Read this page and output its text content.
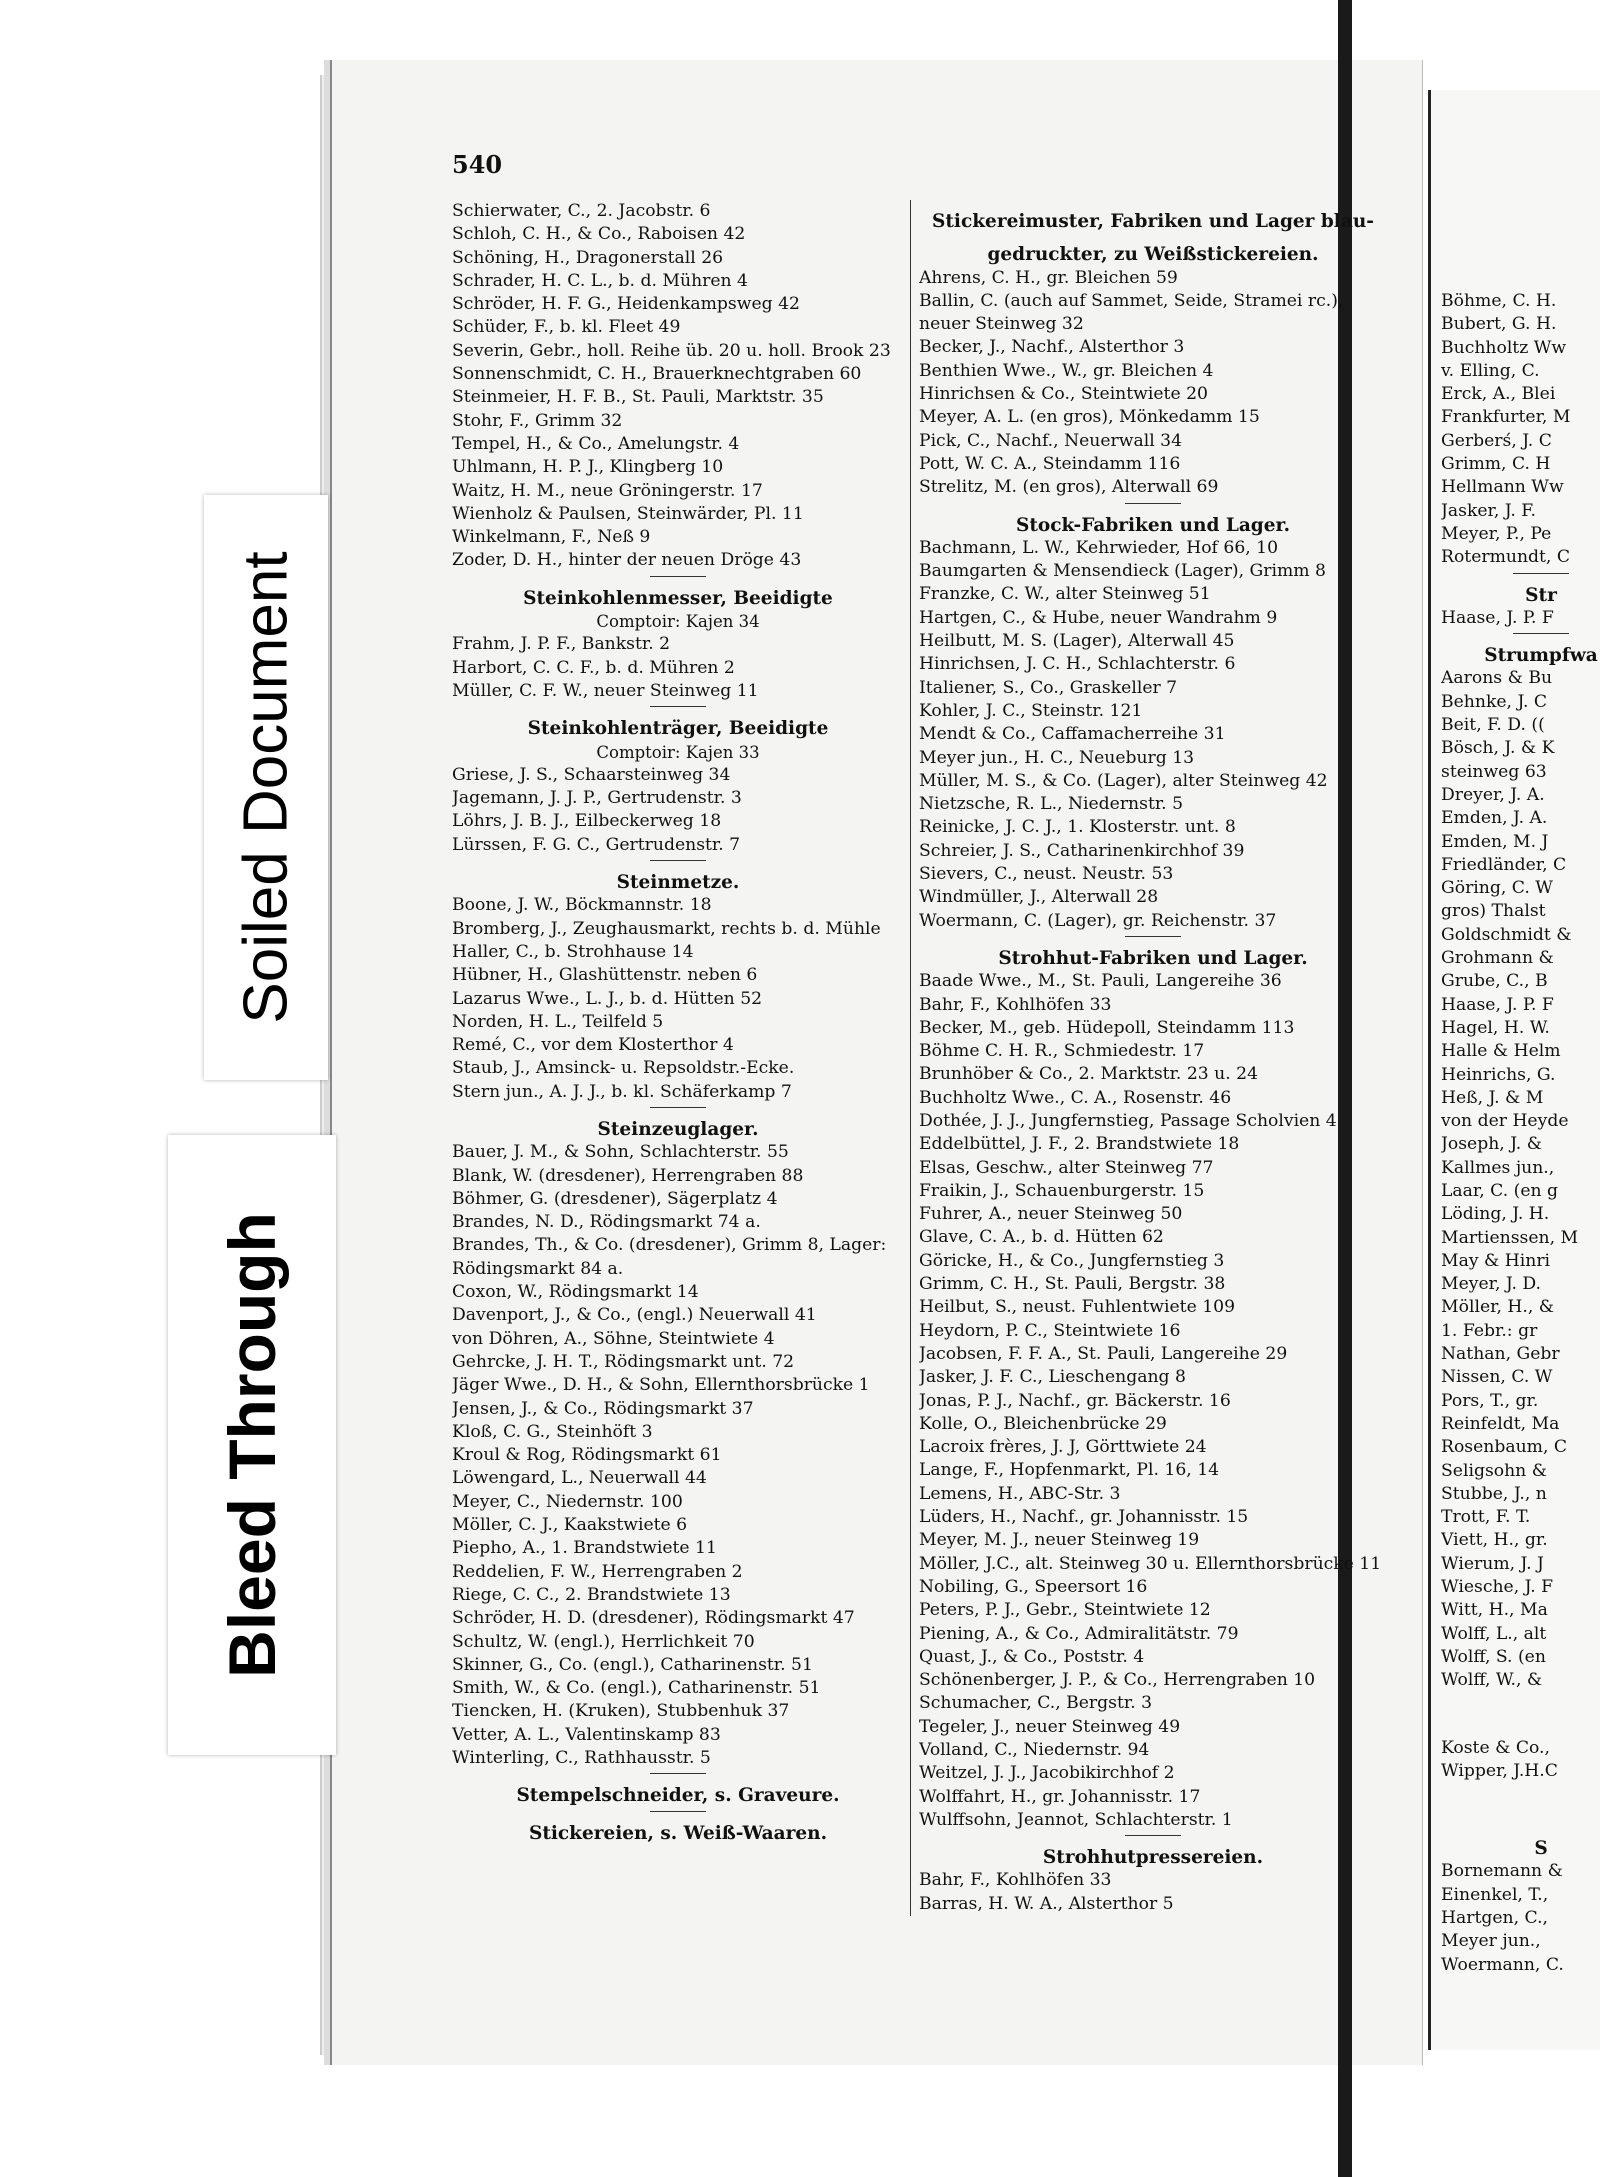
Böhme, C. H.
Bubert, G. H.
Buchholtz Ww
v. Elling, C.
Erck, A., Blei
Frankfurter, M
Gerberś, J. C
Grimm, C. H
Hellmann Ww
Jasker, J. F.
Meyer, P., Pe
Rotermundt, C
Str
Haase, J. P. F
Strumpfwa
Aarons & Bu
Behnke, J. C
Beit, F. D. ((
Bösch, J. & K
steinweg 63
Dreyer, J. A.
Emden, J. A.
Emden, M. J
Friedländer, C
Göring, C. W
gros) Thalst
Goldschmidt &
Grohmann &
Grube, C., B
Haase, J. P. F
Hagel, H. W.
Halle & Helm
Heinrichs, G.
Heß, J. & M
von der Heyde
Joseph, J. &
Kallmes jun.,
Laar, C. (en g
Löding, J. H.
Martienssen, M
May & Hinri
Meyer, J. D.
Möller, H., &
1. Febr.: gr
Nathan, Gebr
Nissen, C. W
Pors, T., gr.
Reinfeldt, Ma
Rosenbaum, C
Seligsohn &
Stubbe, J., n
Trott, F. T.
Viett, H., gr.
Wierum, J. J
Wiesche, J. F
Witt, H., Ma
Wolff, L., alt
Wolff, S. (en
Wolff, W., &
Koste & Co.,
Wipper, J.H.C
S
Bornemann &
Einenkel, T.,
Hartgen, C.,
Meyer jun.,
Woermann, C.
540
Schierwater, C., 2. Jacobstr. 6
Schloh, C. H., & Co., Raboisen 42
Schöning, H., Dragonerstall 26
Schrader, H. C. L., b. d. Mühren 4
Schröder, H. F. G., Heidenkampsweg 42
Schüder, F., b. kl. Fleet 49
Severin, Gebr., holl. Reihe üb. 20 u. holl. Brook 23
Sonnenschmidt, C. H., Brauerknechtgraben 60
Steinmeier, H. F. B., St. Pauli, Marktstr. 35
Stohr, F., Grimm 32
Tempel, H., & Co., Amelungstr. 4
Uhlmann, H. P. J., Klingberg 10
Waitz, H. M., neue Gröningerstr. 17
Wienholz & Paulsen, Steinwärder, Pl. 11
Winkelmann, F., Neß 9
Zoder, D. H., hinter der neuen Dröge 43
Steinkohlenmesser, Beeidigte
Comptoir: Kajen 34
Frahm, J. P. F., Bankstr. 2
Harbort, C. C. F., b. d. Mühren 2
Müller, C. F. W., neuer Steinweg 11
Steinkohlenträger, Beeidigte
Comptoir: Kajen 33
Griese, J. S., Schaarsteinweg 34
Jagemann, J. J. P., Gertrudenstr. 3
Löhrs, J. B. J., Eilbeckerweg 18
Lürssen, F. G. C., Gertrudenstr. 7
Steinmetze.
Boone, J. W., Böckmannstr. 18
Bromberg, J., Zeughausmarkt, rechts b. d. Mühle
Haller, C., b. Strohhause 14
Hübner, H., Glashüttenstr. neben 6
Lazarus Wwe., L. J., b. d. Hütten 52
Norden, H. L., Teilfeld 5
Remé, C., vor dem Klosterthor 4
Staub, J., Amsinck- u. Repsoldstr.-Ecke.
Stern jun., A. J. J., b. kl. Schäferkamp 7
Steinzeuglager.
Bauer, J. M., & Sohn, Schlachterstr. 55
Blank, W. (dresdener), Herrengraben 88
Böhmer, G. (dresdener), Sägerplatz 4
Brandes, N. D., Rödingsmarkt 74 a.
Brandes, Th., & Co. (dresdener), Grimm 8, Lager:
Rödingsmarkt 84 a.
Coxon, W., Rödingsmarkt 14
Davenport, J., & Co., (engl.) Neuerwall 41
von Döhren, A., Söhne, Steintwiete 4
Gehrcke, J. H. T., Rödingsmarkt unt. 72
Jäger Wwe., D. H., & Sohn, Ellernthorsbrücke 1
Jensen, J., & Co., Rödingsmarkt 37
Kloß, C. G., Steinhöft 3
Kroul & Rog, Rödingsmarkt 61
Löwengard, L., Neuerwall 44
Meyer, C., Niedernstr. 100
Möller, C. J., Kaakstwiete 6
Piepho, A., 1. Brandstwiete 11
Reddelien, F. W., Herrengraben 2
Riege, C. C., 2. Brandstwiete 13
Schröder, H. D. (dresdener), Rödingsmarkt 47
Schultz, W. (engl.), Herrlichkeit 70
Skinner, G., Co. (engl.), Catharinenstr. 51
Smith, W., & Co. (engl.), Catharinenstr. 51
Tiencken, H. (Kruken), Stubbenhuk 37
Vetter, A. L., Valentinskamp 83
Winterling, C., Rathhausstr. 5
Stempelschneider, s. Graveure.
Stickereien, s. Weiß-Waaren.
Stickereimuster, Fabriken und Lager blau-
gedruckter, zu Weißstickereien.
Ahrens, C. H., gr. Bleichen 59
Ballin, C. (auch auf Sammet, Seide, Stramei rc.),
neuer Steinweg 32
Becker, J., Nachf., Alsterthor 3
Benthien Wwe., W., gr. Bleichen 4
Hinrichsen & Co., Steintwiete 20
Meyer, A. L. (en gros), Mönkedamm 15
Pick, C., Nachf., Neuerwall 34
Pott, W. C. A., Steindamm 116
Strelitz, M. (en gros), Alterwall 69
Stock-Fabriken und Lager.
Bachmann, L. W., Kehrwieder, Hof 66, 10
Baumgarten & Mensendieck (Lager), Grimm 8
Franzke, C. W., alter Steinweg 51
Hartgen, C., & Hube, neuer Wandrahm 9
Heilbutt, M. S. (Lager), Alterwall 45
Hinrichsen, J. C. H., Schlachterstr. 6
Italiener, S., Co., Graskeller 7
Kohler, J. C., Steinstr. 121
Mendt & Co., Caffamacherreihe 31
Meyer jun., H. C., Neueburg 13
Müller, M. S., & Co. (Lager), alter Steinweg 42
Nietzsche, R. L., Niedernstr. 5
Reinicke, J. C. J., 1. Klosterstr. unt. 8
Schreier, J. S., Catharinenkirchhof 39
Sievers, C., neust. Neustr. 53
Windmüller, J., Alterwall 28
Woermann, C. (Lager), gr. Reichenstr. 37
Strohhut-Fabriken und Lager.
Baade Wwe., M., St. Pauli, Langereihe 36
Bahr, F., Kohlhöfen 33
Becker, M., geb. Hüdepoll, Steindamm 113
Böhme C. H. R., Schmiedestr. 17
Brunhöber & Co., 2. Marktstr. 23 u. 24
Buchholtz Wwe., C. A., Rosenstr. 46
Dothée, J. J., Jungfernstieg, Passage Scholvien 4
Eddelbüttel, J. F., 2. Brandstwiete 18
Elsas, Geschw., alter Steinweg 77
Fraikin, J., Schauenburgerstr. 15
Fuhrer, A., neuer Steinweg 50
Glave, C. A., b. d. Hütten 62
Göricke, H., & Co., Jungfernstieg 3
Grimm, C. H., St. Pauli, Bergstr. 38
Heilbut, S., neust. Fuhlentwiete 109
Heydorn, P. C., Steintwiete 16
Jacobsen, F. F. A., St. Pauli, Langereihe 29
Jasker, J. F. C., Lieschengang 8
Jonas, P. J., Nachf., gr. Bäckerstr. 16
Kolle, O., Bleichenbrücke 29
Lacroix frères, J. J, Görttwiete 24
Lange, F., Hopfenmarkt, Pl. 16, 14
Lemens, H., ABC-Str. 3
Lüders, H., Nachf., gr. Johannisstr. 15
Meyer, M. J., neuer Steinweg 19
Möller, J.C., alt. Steinweg 30 u. Ellernthorsbrücke 11
Nobiling, G., Speersort 16
Peters, P. J., Gebr., Steintwiete 12
Piening, A., & Co., Admiralitätstr. 79
Quast, J., & Co., Poststr. 4
Schönenberger, J. P., & Co., Herrengraben 10
Schumacher, C., Bergstr. 3
Tegeler, J., neuer Steinweg 49
Volland, C., Niedernstr. 94
Weitzel, J. J., Jacobikirchhof 2
Wolffahrt, H., gr. Johannisstr. 17
Wulffsohn, Jeannot, Schlachterstr. 1
Strohhutpressereien.
Bahr, F., Kohlhöfen 33
Barras, H. W. A., Alsterthor 5
Soiled Document
Bleed Through
